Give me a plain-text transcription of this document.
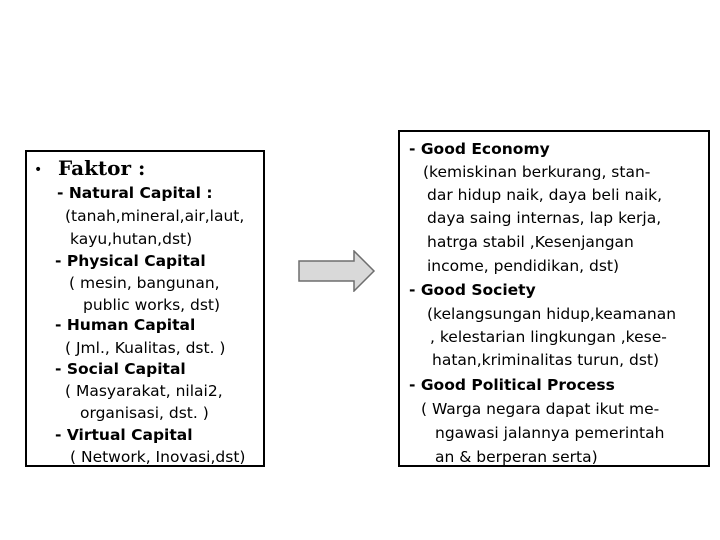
• Faktor :
- Natural Capital :
(tanah,mineral,air,laut,
kayu,hutan,dst)
- Physical Capital
( mesin, bangunan,
public works, dst)
- Human Capital
( Jml., Kualitas, dst. )
- Social Capital
( Masyarakat, nilai2,
organisasi, dst. )
- Virtual Capital
( Network, Inovasi,dst)
- Good Economy
(kemiskinan berkurang, stan-
dar hidup naik, daya beli naik,
daya saing internas, lap kerja,
hatrga stabil ,Kesenjangan
income, pendidikan, dst)
- Good Society
(kelangsungan hidup,keamanan
, kelestarian lingkungan ,kese-
hatan,kriminalitas turun, dst)
- Good Political Process
( Warga negara dapat ikut me-
ngawasi jalannya pemerintah
an & berperan serta)
